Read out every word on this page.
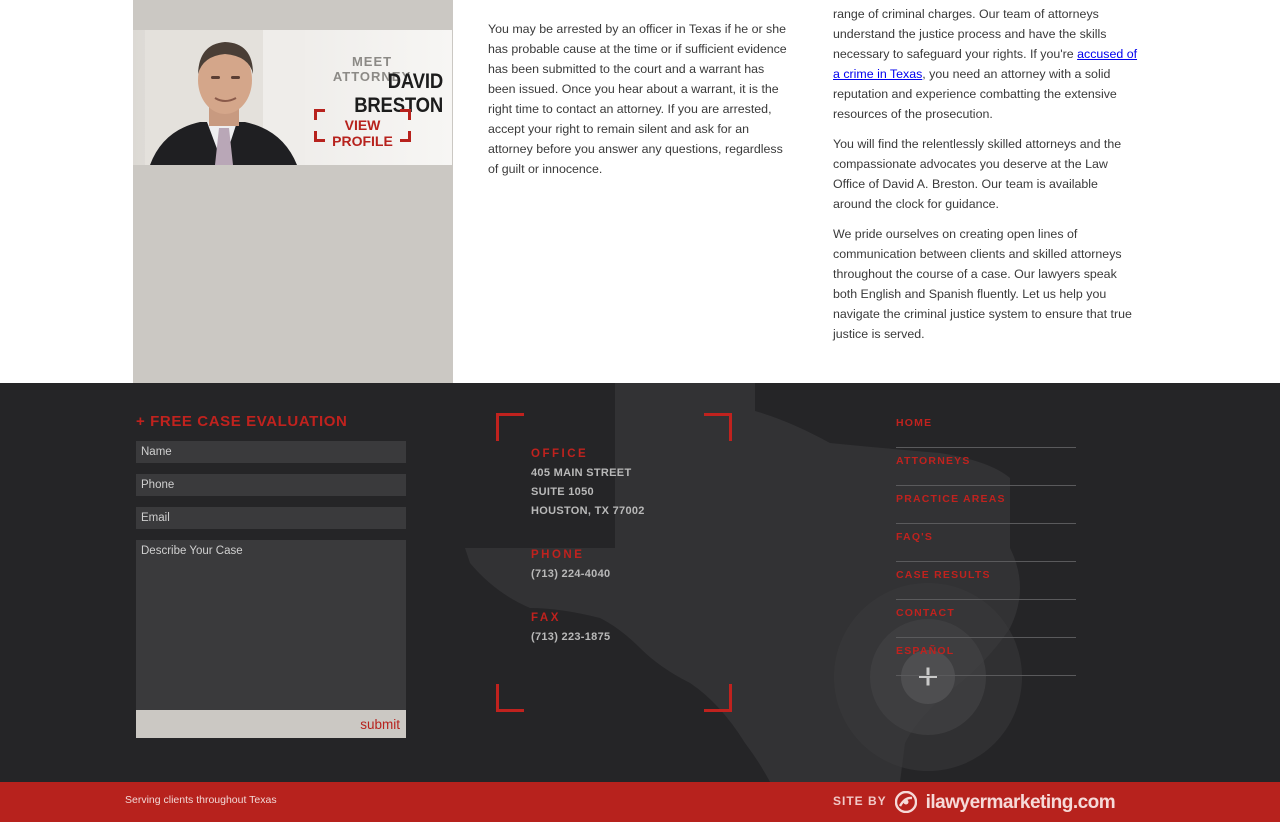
MEET ATTORNEY
DAVID BRESTON
VIEW PROFILE

You may be arrested by an officer in Texas if he or she has probable cause at the time or if sufficient evidence has been submitted to the court and a warrant has been issued. Once you hear about a warrant, it is the right time to contact an attorney. If you are arrested, accept your right to remain silent and ask for an attorney before you answer any questions, regardless of guilt or innocence.

range of criminal charges. Our team of attorneys understand the justice process and have the skills necessary to safeguard your rights. If you're accused of a crime in Texas, you need an attorney with a solid reputation and experience combatting the extensive resources of the prosecution.

You will find the relentlessly skilled attorneys and the compassionate advocates you deserve at the Law Office of David A. Breston. Our team is available around the clock for guidance.

We pride ourselves on creating open lines of communication between clients and skilled attorneys throughout the course of a case. Our lawyers speak both English and Spanish fluently. Let us help you navigate the criminal justice system to ensure that true justice is served.

+ FREE CASE EVALUATION
Name
Phone
Email
Describe Your Case
submit
OFFICE
405 MAIN STREET
SUITE 1050
HOUSTON, TX 77002
PHONE
(713) 224-4040
FAX
(713) 223-1875
HOME
ATTORNEYS
PRACTICE AREAS
FAQ'S
CASE RESULTS
CONTACT
ESPAÑOL
Serving clients throughout Texas	SITE BY ilawyermarketing.com
